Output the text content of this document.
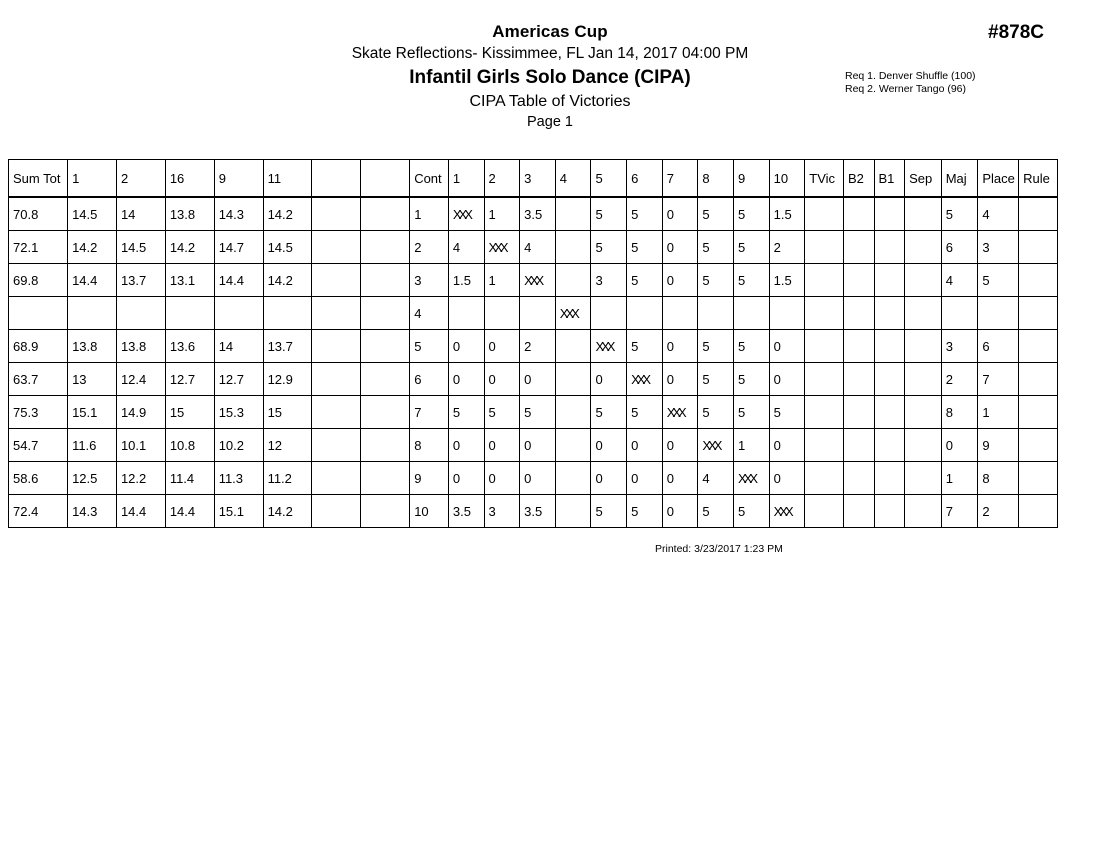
Americas Cup
Skate Reflections- Kissimmee, FL Jan 14, 2017 04:00 PM
Infantil Girls Solo Dance (CIPA)
CIPA Table of Victories
Page 1
#878C
Req 1. Denver Shuffle (100)
Req 2. Werner Tango (96)
Sum Tot	1	2	16	9	11			Cont	1	2	3	4	5	6	7	8	9	10	TVic	B2	B1	Sep	Maj	Place	Rule
70.8	14.5	14	13.8	14.3	14.2			1	XXX	1	3.5		5	5	0	5	5	1.5					5	4	
72.1	14.2	14.5	14.2	14.7	14.5			2	4	XXX	4		5	5	0	5	5	2					6	3	
69.8	14.4	13.7	13.1	14.4	14.2			3	1.5	1	XXX		3	5	0	5	5	1.5					4	5	
								4				XXX													
68.9	13.8	13.8	13.6	14	13.7			5	0	0	2		XXX	5	0	5	5	0					3	6	
63.7	13	12.4	12.7	12.7	12.9			6	0	0	0		0	XXX	0	5	5	0					2	7	
75.3	15.1	14.9	15	15.3	15			7	5	5	5		5	5	XXX	5	5	5					8	1	
54.7	11.6	10.1	10.8	10.2	12			8	0	0	0		0	0	0	XXX	1	0					0	9	
58.6	12.5	12.2	11.4	11.3	11.2			9	0	0	0		0	0	0	4	XXX	0					1	8	
72.4	14.3	14.4	14.4	15.1	14.2			10	3.5	3	3.5		5	5	0	5	5	XXX					7	2	
Printed: 3/23/2017 1:23 PM
